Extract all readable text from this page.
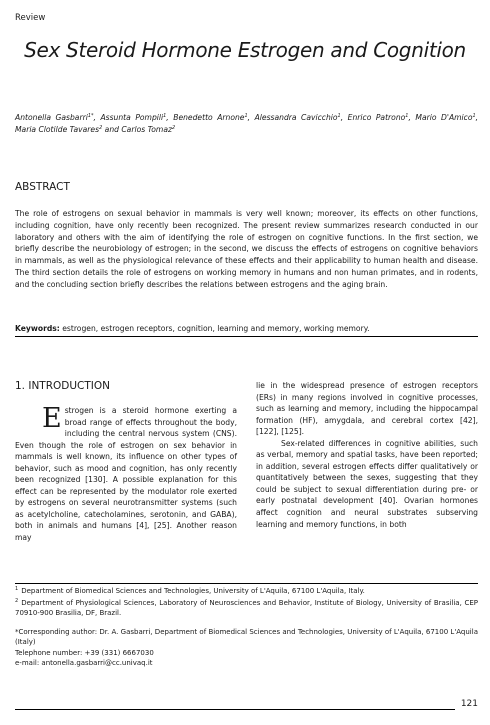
Review
Sex Steroid Hormone Estrogen and Cognition
Antonella Gasbarri$^{1*}$, Assunta Pompili$^1$, Benedetto Arnone$^1$, Alessandra Cavicchio$^1$, Enrico Patrono$^1$, Mario D'Amico$^1$, Maria Clotilde Tavares$^2$ and Carlos Tomaz$^2$
ABSTRACT

The role of estrogens on sexual behavior in mammals is very well known; moreover, its effects on other functions, including cognition, have only recently been recognized. The present review summarizes research conducted in our laboratory and others with the aim of identifying the role of estrogen on cognitive functions. In the first section, we briefly describe the neurobiology of estrogen; in the second, we discuss the effects of estrogens on cognitive behaviors in mammals, as well as the physiological relevance of these effects and their applicability to human health and disease. The third section details the role of estrogens on working memory in humans and non human primates, and in rodents, and the concluding section briefly describes the relations between estrogens and the aging brain.

Keywords: estrogen, estrogen receptors, cognition, learning and memory, working memory.
1. INTRODUCTION

Estrogen is a steroid hormone exerting a broad range of effects throughout the body, including the central nervous system (CNS). Even though the role of estrogen on sex behavior in mammals is well known, its influence on other types of behavior, such as mood and cognition, has only recently been recognized [130]. A possible explanation for this effect can be represented by the modulator role exerted by estrogens on several neurotransmitter systems (such as acetylcholine, catecholamines, serotonin, and GABA), both in animals and humans [4], [25]. Another reason may

lie in the widespread presence of estrogen receptors (ERs) in many regions involved in cognitive processes, such as learning and memory, including the hippocampal formation (HF), amygdala, and cerebral cortex [42], [122], [125].

Sex-related differences in cognitive abilities, such as verbal, memory and spatial tasks, have been reported; in addition, several estrogen effects differ qualitatively or quantitatively between the sexes, suggesting that they could be subject to sexual differentiation during pre- or early postnatal development [40]. Ovarian hormones affect cognition and neural substrates subserving learning and memory functions, in both

$^1$ Department of Biomedical Sciences and Technologies, University of L'Aquila, 67100 L'Aquila, Italy.
$^2$ Department of Physiological Sciences, Laboratory of Neurosciences and Behavior, Institute of Biology, University of Brasilia, CEP 70910-900 Brasilia, DF, Brazil.
*Corresponding author: Dr. A. Gasbarri, Department of Biomedical Sciences and Technologies, University of L'Aquila, 67100 L'Aquila (Italy)
Telephone number: +39 (331) 6667030
e-mail: antonella.gasbarri@cc.univaq.it
121
